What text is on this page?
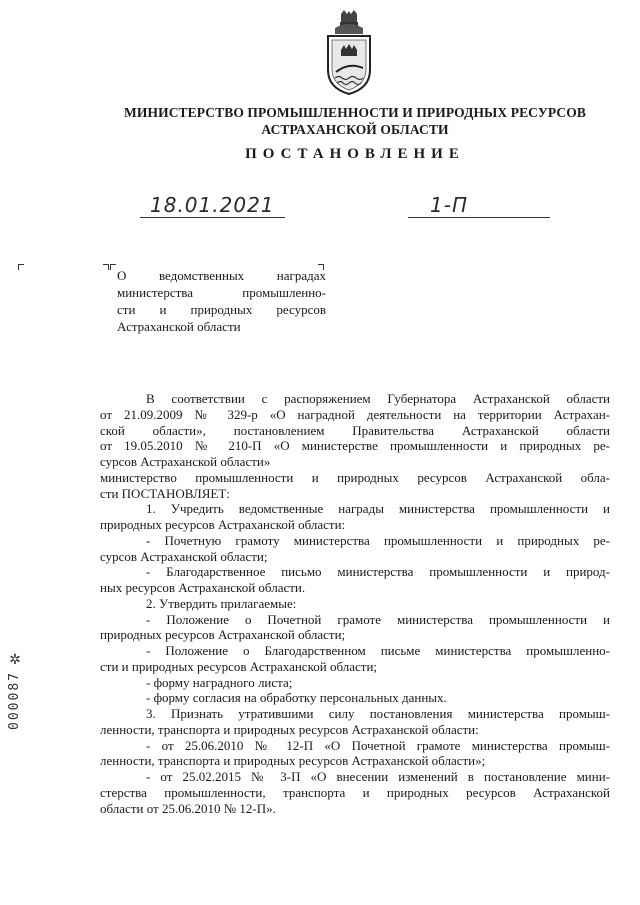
МИНИСТЕРСТВО ПРОМЫШЛЕННОСТИ И ПРИРОДНЫХ РЕСУРСОВ
АСТРАХАНСКОЙ ОБЛАСТИ
ПОСТАНОВЛЕНИЕ
18.01.2021	1-П
О ведомственных наградах
министерства промышленно-
сти и природных ресурсов
Астраханской области
✲
000087
В соответствии с распоряжением Губернатора Астраханской области
от 21.09.2009 № 329-р «О наградной деятельности на территории Астрахан-
ской области», постановлением Правительства Астраханской области
от 19.05.2010 № 210-П «О министерстве промышленности и природных ре-
сурсов Астраханской области»
министерство промышленности и природных ресурсов Астраханской обла-
сти ПОСТАНОВЛЯЕТ:
1. Учредить ведомственные награды министерства промышленности и
природных ресурсов Астраханской области:
- Почетную грамоту министерства промышленности и природных ре-
сурсов Астраханской области;
- Благодарственное письмо министерства промышленности и природ-
ных ресурсов Астраханской области.
2. Утвердить прилагаемые:
- Положение о Почетной грамоте министерства промышленности и
природных ресурсов Астраханской области;
- Положение о Благодарственном письме министерства промышленно-
сти и природных ресурсов Астраханской области;
- форму наградного листа;
- форму согласия на обработку персональных данных.
3. Признать утратившими силу постановления министерства промыш-
ленности, транспорта и природных ресурсов Астраханской области:
- от 25.06.2010 № 12-П «О Почетной грамоте министерства промыш-
ленности, транспорта и природных ресурсов Астраханской области»;
- от 25.02.2015 № 3-П «О внесении изменений в постановление мини-
стерства промышленности, транспорта и природных ресурсов Астраханской
области от 25.06.2010 № 12-П».
